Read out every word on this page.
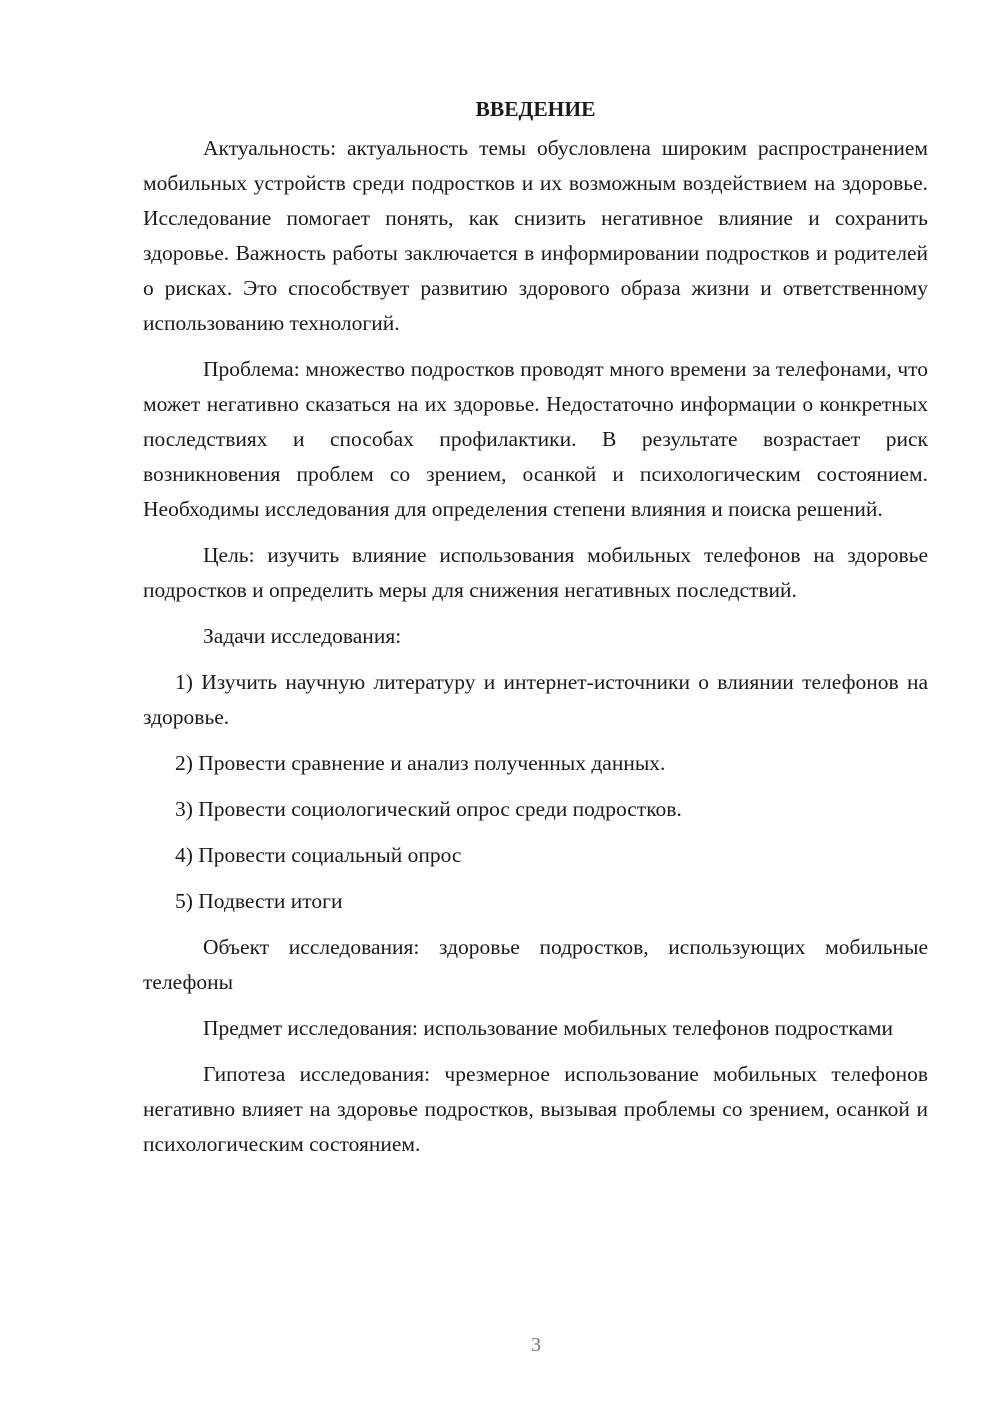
ВВЕДЕНИЕ

Актуальность: актуальность темы обусловлена широким распространением мобильных устройств среди подростков и их возможным воздействием на здоровье. Исследование помогает понять, как снизить негативное влияние и сохранить здоровье. Важность работы заключается в информировании подростков и родителей о рисках. Это способствует развитию здорового образа жизни и ответственному использованию технологий.

Проблема: множество подростков проводят много времени за телефонами, что может негативно сказаться на их здоровье. Недостаточно информации о конкретных последствиях и способах профилактики. В результате возрастает риск возникновения проблем со зрением, осанкой и психологическим состоянием. Необходимы исследования для определения степени влияния и поиска решений.

Цель: изучить влияние использования мобильных телефонов на здоровье подростков и определить меры для снижения негативных последствий.

Задачи исследования:

1) Изучить научную литературу и интернет-источники о влиянии телефонов на здоровье.

2) Провести сравнение и анализ полученных данных.

3) Провести социологический опрос среди подростков.

4) Провести социальный опрос

5) Подвести итоги

Объект исследования: здоровье подростков, использующих мобильные телефоны

Предмет исследования: использование мобильных телефонов подростками

Гипотеза исследования: чрезмерное использование мобильных телефонов негативно влияет на здоровье подростков, вызывая проблемы со зрением, осанкой и психологическим состоянием.

3
